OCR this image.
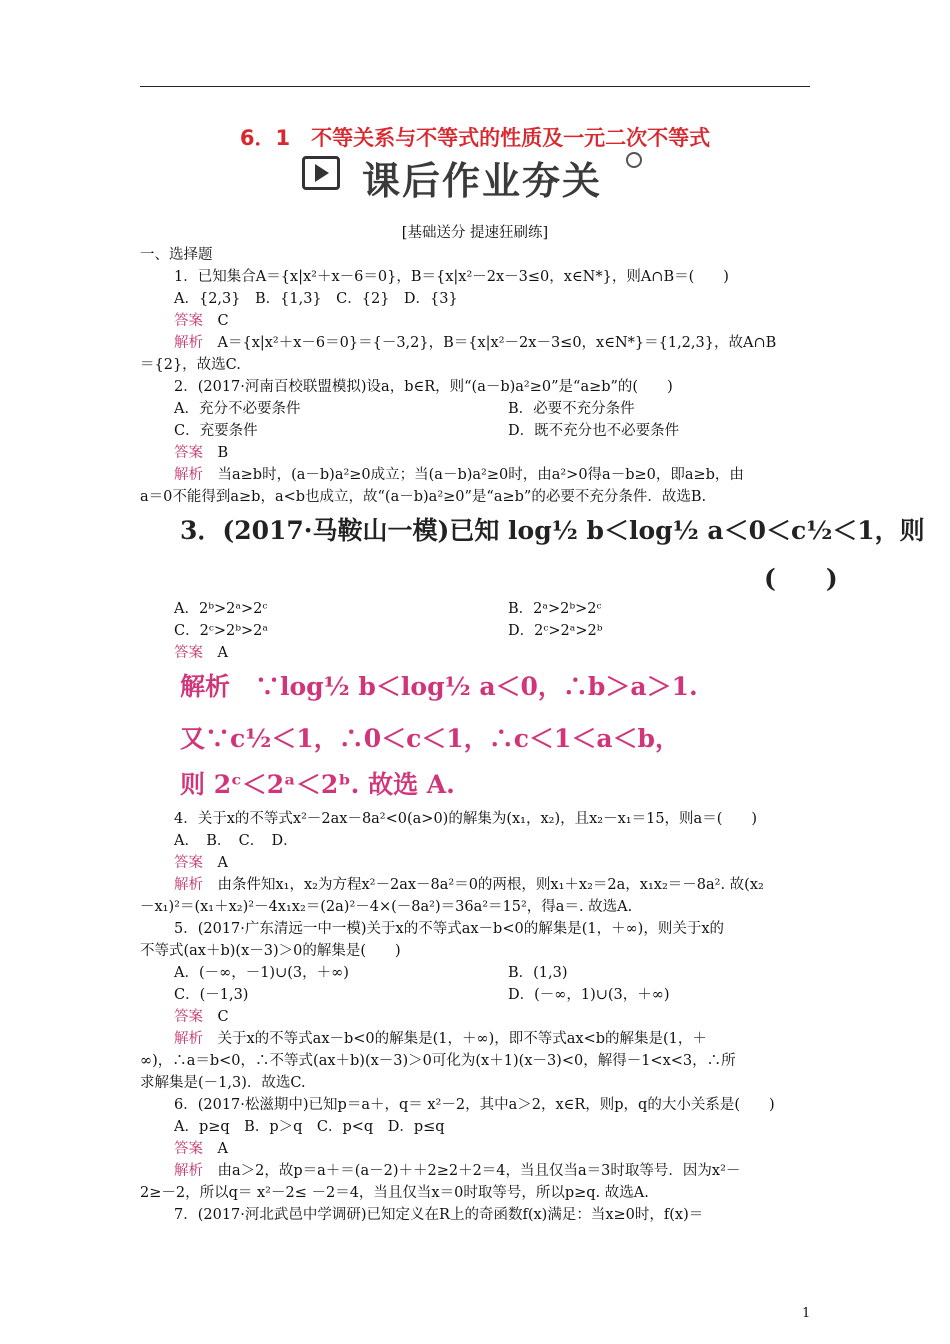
6．1　不等关系与不等式的性质及一元二次不等式
课后作业夯关
[基础送分 提速狂刷练]
一、选择题
1．已知集合A＝{x|x²＋x－6＝0}，B＝{x|x²－2x－3≤0，x∈N*}，则A∩B＝(　　)
A．{2,3}　B．{1,3}　C．{2}　D．{3}
答案　 C
解析　 A＝{x|x²＋x－6＝0}＝{－3,2}，B＝{x|x²－2x－3≤0，x∈N*}＝{1,2,3}，故A∩B
＝{2}，故选C.
2．(2017·河南百校联盟模拟)设a，b∈R，则“(a－b)a²≥0”是“a≥b”的(　　)
A．充分不必要条件	B．必要不充分条件
C．充要条件	D．既不充分也不必要条件
答案　 B
解析　 当a≥b时，(a－b)a²≥0成立；当(a－b)a²≥0时，由a²>0得a－b≥0，即a≥b，由
a＝0不能得到a≥b，a<b也成立，故“(a－b)a²≥0”是“a≥b”的必要不充分条件．故选B.
3．(2017·马鞍山一模)已知 log½ b＜log½ a＜0＜c½＜1，则
(　　)
A．2ᵇ>2ᵃ>2ᶜ	B．2ᵃ>2ᵇ>2ᶜ
C．2ᶜ>2ᵇ>2ᵃ	D．2ᶜ>2ᵃ>2ᵇ
答案　 A
解析　∵log½ b＜log½ a＜0，∴b＞a＞1.
又∵c½＜1，∴0＜c＜1，∴c＜1＜a＜b，
则 2ᶜ＜2ᵃ＜2ᵇ. 故选 A.
4．关于x的不等式x²－2ax－8a²<0(a>0)的解集为(x₁，x₂)，且x₂－x₁＝15，则a＝(　　)
A．　B．　C．　D．
答案　 A
解析　 由条件知x₁，x₂为方程x²－2ax－8a²＝0的两根，则x₁＋x₂＝2a，x₁x₂＝－8a². 故(x₂
－x₁)²＝(x₁＋x₂)²－4x₁x₂＝(2a)²－4×(－8a²)＝36a²＝15²，得a＝. 故选A.
5．(2017·广东清远一中一模)关于x的不等式ax－b<0的解集是(1，＋∞)，则关于x的
不等式(ax＋b)(x－3)＞0的解集是(　　)
A．(－∞，－1)∪(3，＋∞)	B．(1,3)
C．(－1,3)	D．(－∞，1)∪(3，＋∞)
答案　 C
解析　 关于x的不等式ax－b<0的解集是(1，＋∞)，即不等式ax<b的解集是(1，＋
∞)，∴a＝b<0，∴不等式(ax＋b)(x－3)＞0可化为(x＋1)(x－3)<0，解得－1<x<3，∴所
求解集是(－1,3)．故选C.
6．(2017·松滋期中)已知p＝a＋，q＝ x²－2，其中a＞2，x∈R，则p，q的大小关系是(　　)
A．p≥q　B．p＞q　C．p<q　D．p≤q
答案　 A
解析　 由a＞2，故p＝a＋＝(a－2)＋＋2≥2＋2＝4，当且仅当a＝3时取等号．因为x²－
2≥－2，所以q＝ x²－2≤ －2＝4，当且仅当x＝0时取等号，所以p≥q. 故选A.
7．(2017·河北武邑中学调研)已知定义在R上的奇函数f(x)满足：当x≥0时，f(x)＝
1
